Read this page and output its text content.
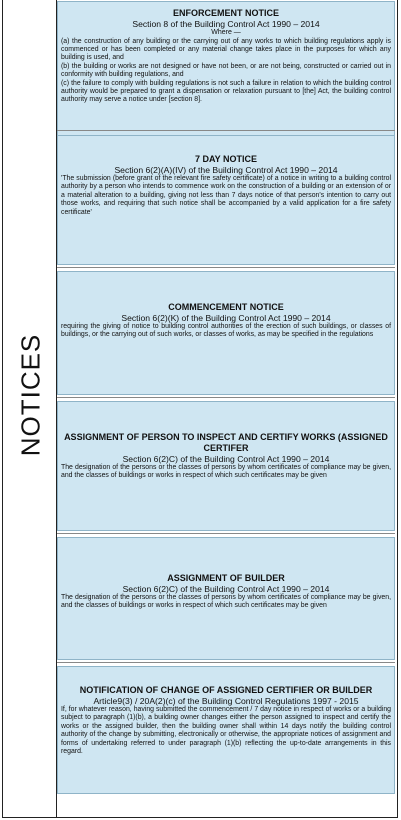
NOTICES
ENFORCEMENT NOTICE
Section 8 of the Building Control Act 1990 – 2014
Where —
(a) the construction of any building or the carrying out of any works to which building regulations apply is commenced or has been completed or any material change takes place in the purposes for which any building is used, and
(b) the building or works are not designed or have not been, or are not being, constructed or carried out in conformity with building regulations, and
(c) the failure to comply with building regulations is not such a failure in relation to which the building control authority would be prepared to grant a dispensation or relaxation pursuant to [the] Act, the building control authority may serve a notice under [section 8].
7 DAY NOTICE
Section 6(2)(A)(IV) of the Building Control Act 1990 – 2014
'The submission (before grant of the relevant fire safety certificate) of a notice in writing to a building control authority by a person who intends to commence work on the construction of a building or an extension of or a material alteration to a building, giving not less than 7 days notice of that person's intention to carry out those works, and requiring that such notice shall be accompanied by a valid application for a fire safety certificate'
COMMENCEMENT NOTICE
Section 6(2)(K) of the Building Control Act 1990 – 2014
requiring the giving of notice to building control authorities of the erection of such buildings, or classes of buildings, or the carrying out of such works, or classes of works, as may be specified in the regulations
ASSIGNMENT OF PERSON TO INSPECT AND CERTIFY WORKS (ASSIGNED CERTIFER
Section 6(2)C) of the Building Control Act 1990 – 2014
The designation of the persons or the classes of persons by whom certificates of compliance may be given, and the classes of buildings or works in respect of which such certificates may be given
ASSIGNMENT OF BUILDER
Section 6(2)C) of the Building Control Act 1990 – 2014
The designation of the persons or the classes of persons by whom certificates of compliance may be given, and the classes of buildings or works in respect of which such certificates may be given
NOTIFICATION OF CHANGE OF ASSIGNED CERTIFIER OR BUILDER
Article9(3) / 20A(2)(c) of the Building Control Regulations 1997 - 2015
If, for whatever reason, having submitted the commencement / 7 day notice in respect of works or a building subject to paragraph (1)(b), a building owner changes either the person assigned to inspect and certify the works or the assigned builder, then the building owner shall within 14 days notify the building control authority of the change by submitting, electronically or otherwise, the appropriate notices of assignment and forms of undertaking referred to under paragraph (1)(b) reflecting the up-to-date arrangements in this regard.
